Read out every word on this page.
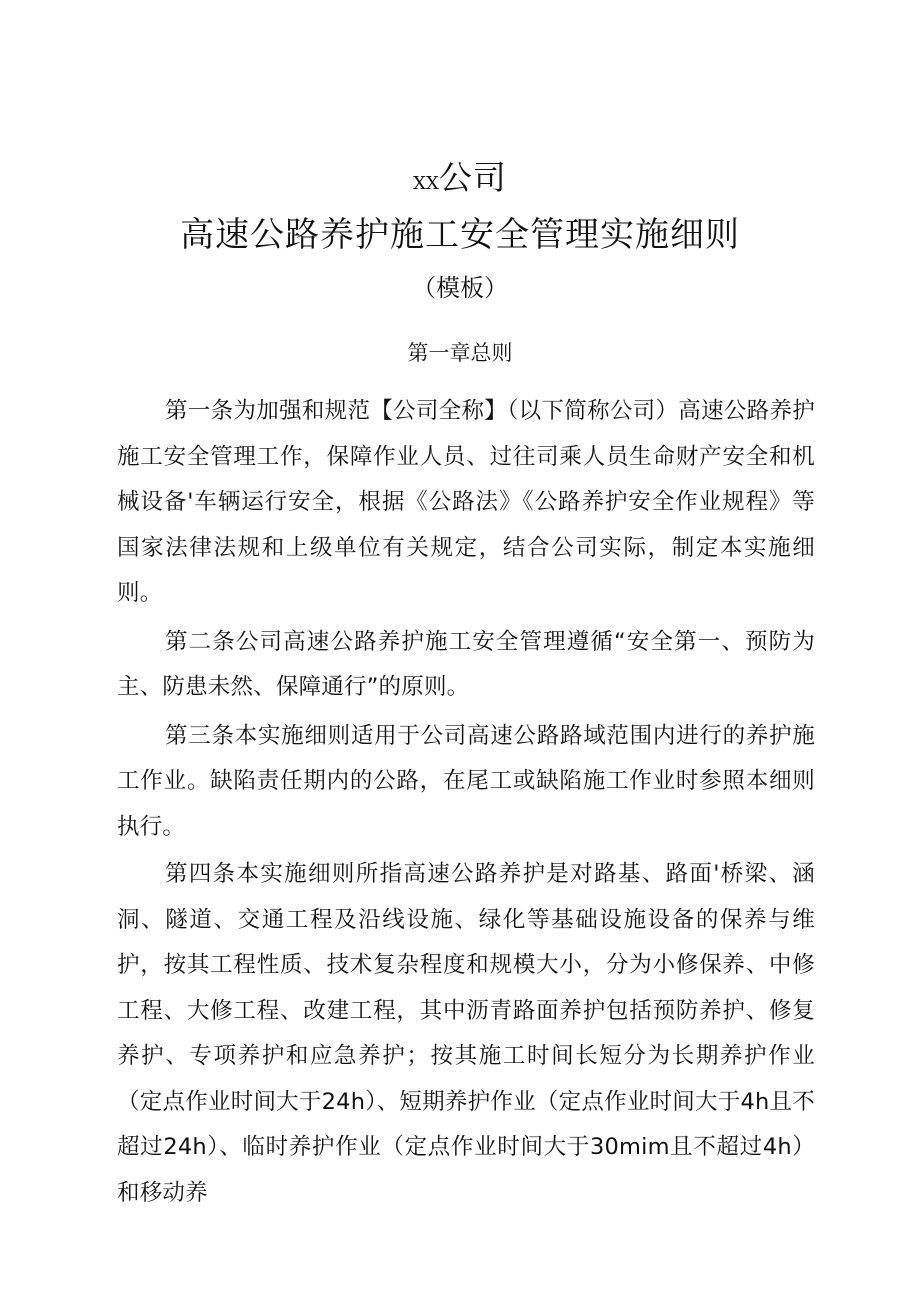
XX公司
高速公路养护施工安全管理实施细则
（模板）
第一章总则

第一条为加强和规范【公司全称】（以下简称公司）高速公路养护施工安全管理工作，保障作业人员、过往司乘人员生命财产安全和机械设备'车辆运行安全，根据《公路法》《公路养护安全作业规程》等国家法律法规和上级单位有关规定，结合公司实际，制定本实施细则。

第二条公司高速公路养护施工安全管理遵循“安全第一、预防为主、防患未然、保障通行”的原则。

第三条本实施细则适用于公司高速公路路域范围内进行的养护施工作业。缺陷责任期内的公路，在尾工或缺陷施工作业时参照本细则执行。

第四条本实施细则所指高速公路养护是对路基、路面'桥梁、涵洞、隧道、交通工程及沿线设施、绿化等基础设施设备的保养与维护，按其工程性质、技术复杂程度和规模大小，分为小修保养、中修工程、大修工程、改建工程，其中沥青路面养护包括预防养护、修复养护、专项养护和应急养护；按其施工时间长短分为长期养护作业（定点作业时间大于24h）、短期养护作业（定点作业时间大于4h且不超过24h）、临时养护作业（定点作业时间大于30mim且不超过4h）和移动养
